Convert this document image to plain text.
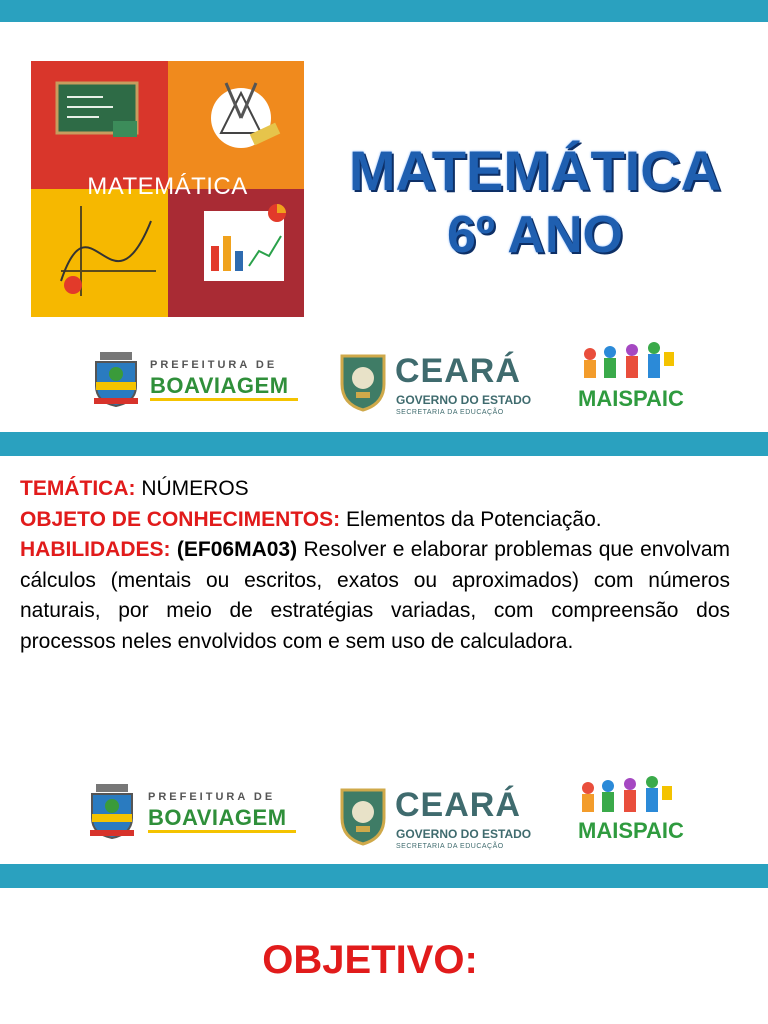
MATEMÁTICA	MATEMÁTICA
6º ANO
PREFEITURA DE
BOAVIAGEM	CEARÁ
GOVERNO DO ESTADO
SECRETARIA DA EDUCAÇÃO
MAISPAIC
TEMÁTICA: NÚMEROS
OBJETO DE CONHECIMENTOS: Elementos da Potenciação.
HABILIDADES: (EF06MA03) Resolver e elaborar problemas que envolvam cálculos (mentais ou escritos, exatos ou aproximados) com números naturais, por meio de estratégias variadas, com compreensão dos processos neles envolvidos com e sem uso de calculadora.
PREFEITURA DE
BOAVIAGEM	CEARÁ
GOVERNO DO ESTADO
SECRETARIA DA EDUCAÇÃO
MAISPAIC
OBJETIVO:
